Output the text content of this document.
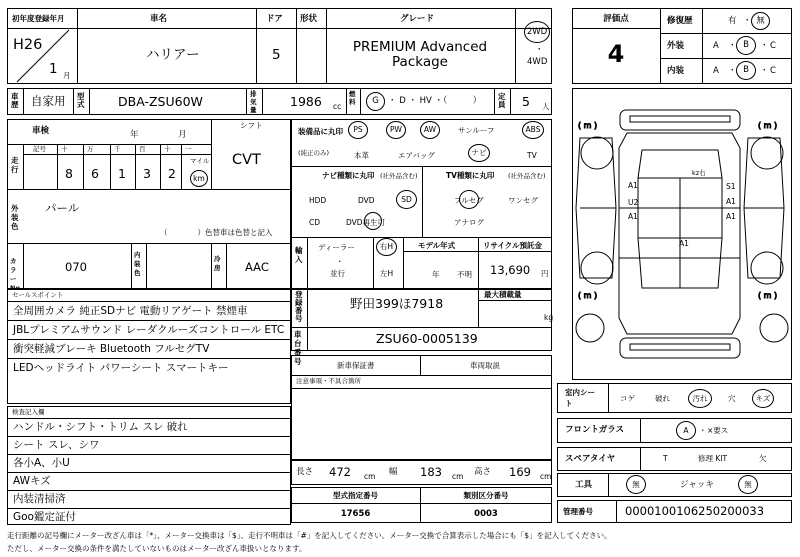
初年度登録年月	車名	ドア 形状	グレード
H26
1 月
ハリアー	5	PREMIUM Advanced
Package
2WD
・
4WD
評価点
4
修復歴	有 ・ 無
外装	A ・ B	・ C
内装	A ・ B	・ C
車歴 自家用 型式	DBA-ZSU60W	排気量
1986 cc
燃料	G	・ D ・ HV ・（　　　） 定員 5 人
車検	年	月
シフト
CVT
走行
記号 十	万	千	百	十 一
8 6 1 3 2
マイル
km
外装色
パール
（　　　　）色替車は色替と記入
カラーNo.
070
内装色
冷房	AAC
装備品に丸印
(純正のみ)
PS	PW	AW	サンルーフ	ABS
本革	エアバッグ	ナビ	TV
ナビ種類に丸印 (社外品含む)
HDD	DVD	SD
CD	DVD再生可
TV種類に丸印 (社外品含む)
フルセグ	ワンセグ
アナログ
輸入
ディーラー
・
並行
右H
左H
モデル年式
年 不明
リサイクル預託金
13,690 円
セールスポイント
全周囲カメラ 純正SDナビ 電動リアゲート 禁煙車
JBLプレミアムサウンド レーダクルーズコントロール ETC
衝突軽減ブレーキ Bluetooth フルセグTV
LEDヘッドライト パワーシート スマートキー
登録番号
野田399ほ7918
最大積載量
kg
車台番号
ZSU60-0005139
新車保証書	車両取説
注意事項・不具合箇所
検査記入欄
ハンドル・シフト・トリム スレ 破れ
シート スレ、シワ
各小A、小U
AWキズ
内装清掃済
Goo鑑定証付
長さ 472 cm 幅 183 cm 高さ 169 cm
型式指定番号
17656
類別区分番号
0003
( m )	( m )
( m )	( m )
A1
U2
A1
A1
S1
A1
A1
kz右
室内シート
コゲ	破れ	汚れ	穴	キズ
フロントガラス	A	・ ×要ス
スペアタイヤ	T	修理 KIT	欠
工具	無	ジャッキ	無
管理番号	0000100106250200033
走行距離の記号欄にメーター改ざん車は「*」、メーター交換車は「$」、走行不明車は「#」を記入してください。メーター交換で合算表示した場合にも「$」を記入してください。
ただし、メーター交換の条件を満たしていないものはメーター改ざん車扱いとなります。
